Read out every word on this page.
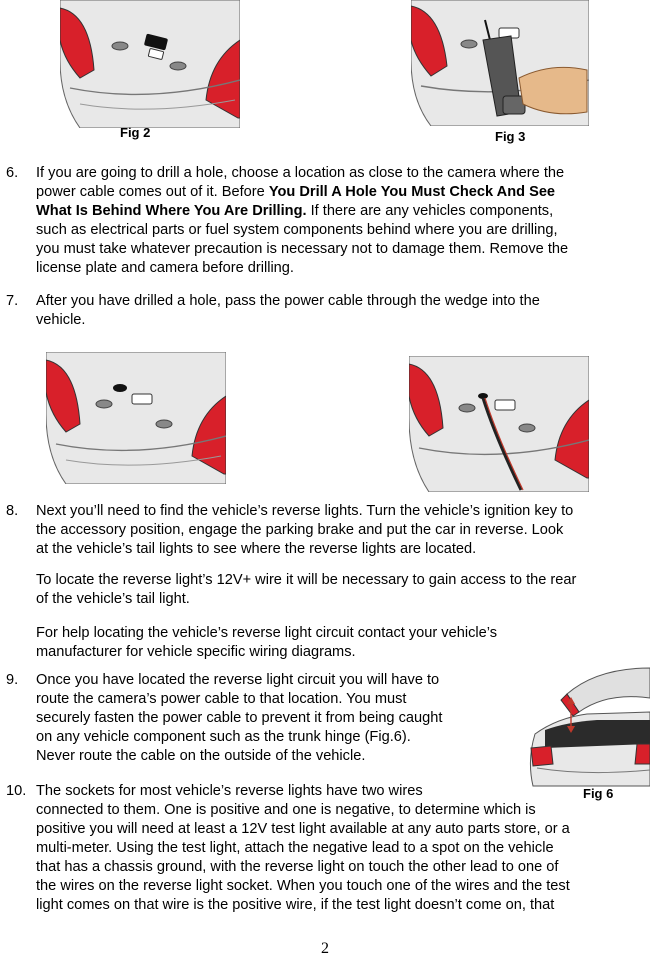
Fig 2	Fig 3
6. If you are going to drill a hole, choose a location as close to the camera where the
power cable comes out of it. Before You Drill A Hole You Must Check And See
What Is Behind Where You Are Drilling. If there are any vehicles components,
such as electrical parts or fuel system components behind where you are drilling,
you must take whatever precaution is necessary not to damage them. Remove the
license plate and camera before drilling.
7. After you have drilled a hole, pass the power cable through the wedge into the
vehicle.
8. Next you’ll need to find the vehicle’s reverse lights. Turn the vehicle’s ignition key to
the accessory position, engage the parking brake and put the car in reverse. Look
at the vehicle’s tail lights to see where the reverse lights are located.
To locate the reverse light’s 12V+ wire it will be necessary to gain access to the rear
of the vehicle’s tail light.
For help locating the vehicle’s reverse light circuit contact your vehicle’s
manufacturer for vehicle specific wiring diagrams.
9. Once you have located the reverse light circuit you will have to
route the camera’s power cable to that location. You must
securely fasten the power cable to prevent it from being caught
on any vehicle component such as the trunk hinge (Fig.6).
Never route the cable on the outside of the vehicle.
Fig 6
10. The sockets for most vehicle’s reverse lights have two wires
connected to them. One is positive and one is negative, to determine which is
positive you will need at least a 12V test light available at any auto parts store, or a
multi-meter. Using the test light, attach the negative lead to a spot on the vehicle
that has a chassis ground, with the reverse light on touch the other lead to one of
the wires on the reverse light socket. When you touch one of the wires and the test
light comes on that wire is the positive wire, if the test light doesn’t come on, that
2
